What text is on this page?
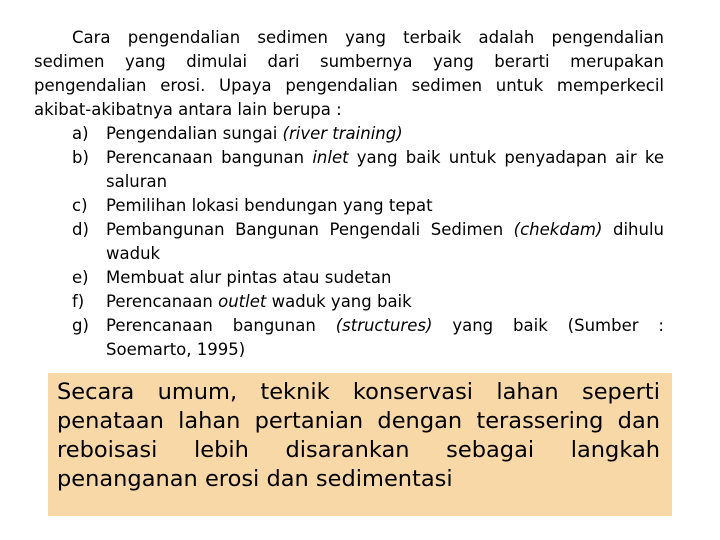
Cara pengendalian sedimen yang terbaik adalah pengendalian sedimen yang dimulai dari sumbernya yang berarti merupakan pengendalian erosi. Upaya pengendalian sedimen untuk memperkecil akibat-akibatnya antara lain berupa :

a)	Pengendalian sungai (river training)
b)	Perencanaan bangunan inlet yang baik untuk penyadapan air ke saluran
c)	Pemilihan lokasi bendungan yang tepat
d)	Pembangunan Bangunan Pengendali Sedimen (chekdam) dihulu waduk
e)	Membuat alur pintas atau sudetan
f)	Perencanaan outlet waduk yang baik
g)	Perencanaan bangunan (structures) yang baik (Sumber : Soemarto, 1995)

Secara umum, teknik konservasi lahan seperti penataan lahan pertanian dengan terassering dan reboisasi lebih disarankan sebagai langkah penanganan erosi dan sedimentasi
